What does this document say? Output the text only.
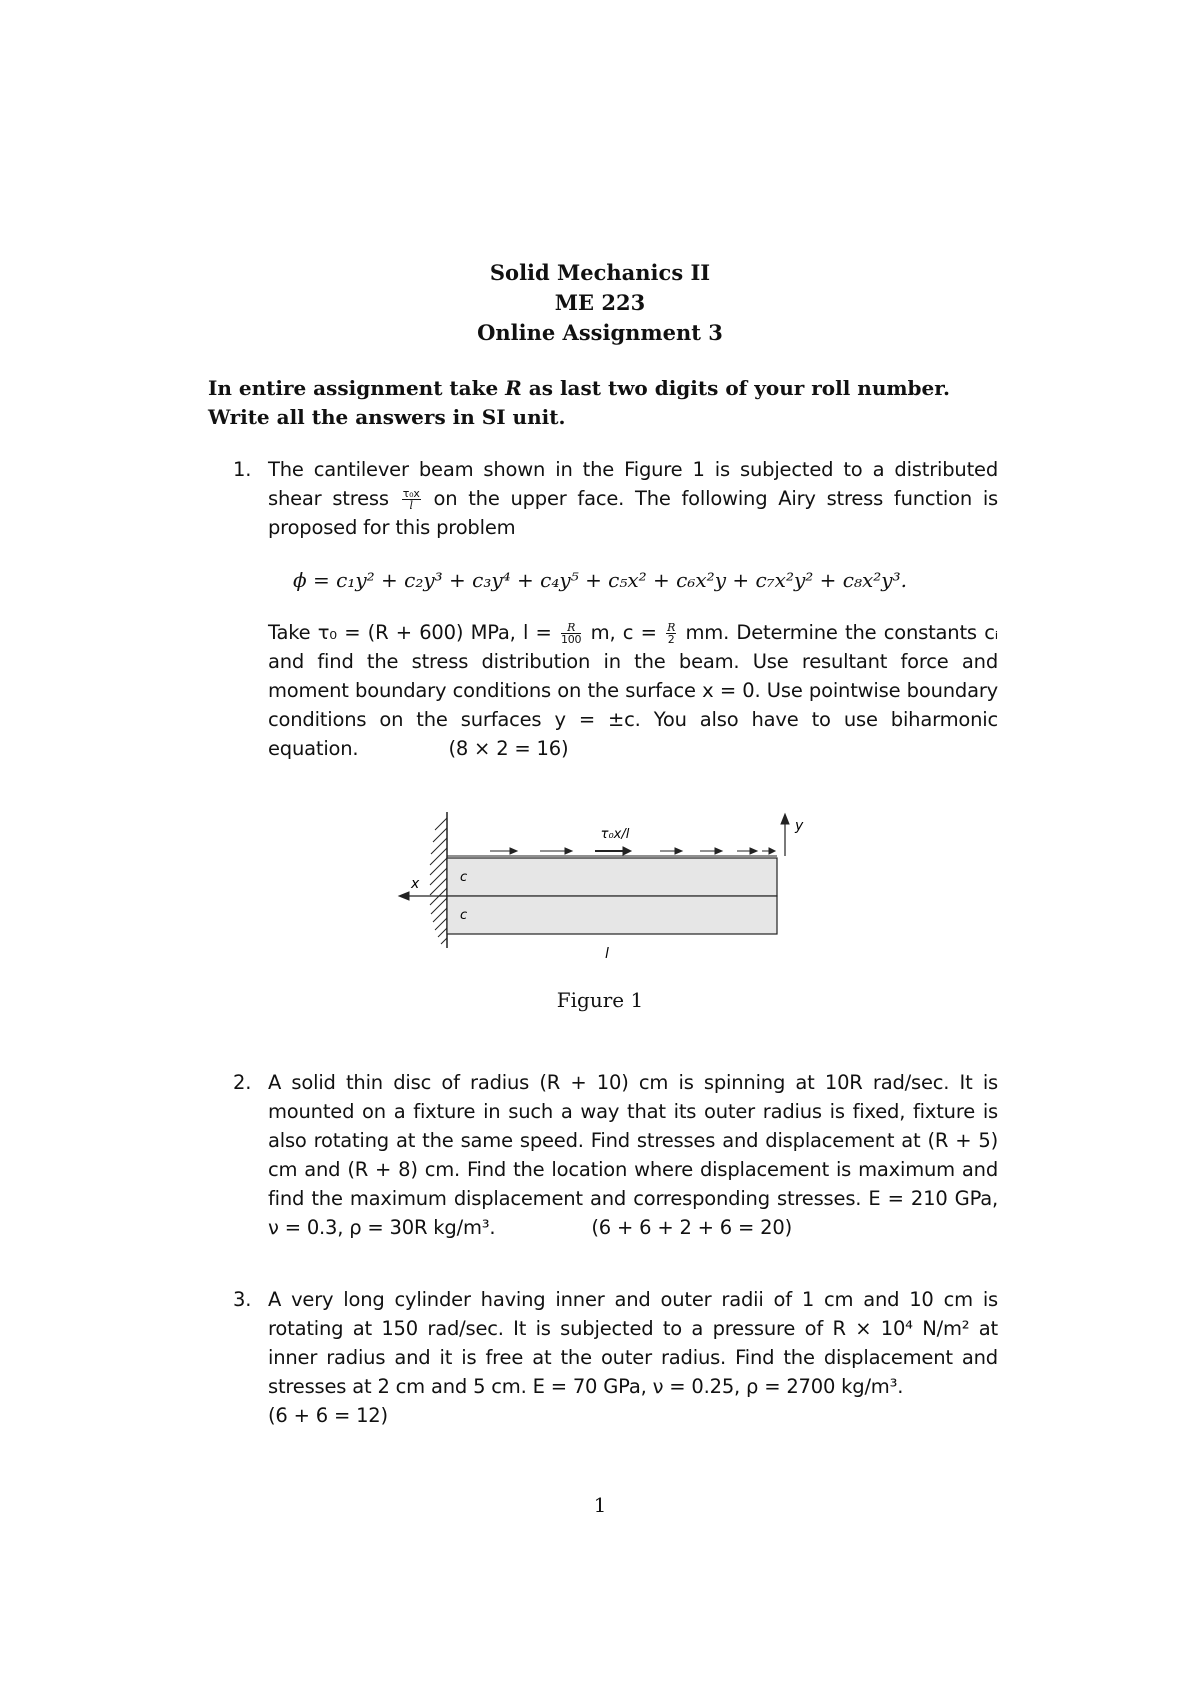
Solid Mechanics II
ME 223
Online Assignment 3
In entire assignment take R as last two digits of your roll number.
Write all the answers in SI unit.
1. The cantilever beam shown in the Figure 1 is subjected to a distributed shear stress $\frac{\text{τ₀x}}{l}$ on the upper face. The following Airy stress function is proposed for this problem
ϕ = c₁y² + c₂y³ + c₃y⁴ + c₄y⁵ + c₅x² + c₆x²y + c₇x²y² + c₈x²y³.
Take τ₀ = (R + 600) MPa, $l = \frac{R}{100} m$, $c = \frac{R}{2}$ mm. Determine the constants cᵢ and find the stress distribution in the beam. Use resultant force and moment boundary conditions on the surface x = 0. Use pointwise boundary conditions on the surfaces y = ±c. You also have to use biharmonic equation.	(8 × 2 = 16)
τ₀x/l
y
x	c
c
l
Figure 1
2. A solid thin disc of radius (R + 10) cm is spinning at 10R rad/sec. It is mounted on a fixture in such a way that its outer radius is fixed, fixture is also rotating at the same speed. Find stresses and displacement at (R + 5) cm and (R + 8) cm. Find the location where displacement is maximum and find the maximum displacement and corresponding stresses. E = 210 GPa, ν = 0.3, ρ = 30R kg/m³.	(6 + 6 + 2 + 6 = 20)
3. A very long cylinder having inner and outer radii of 1 cm and 10 cm is rotating at 150 rad/sec. It is subjected to a pressure of R × 10⁴ N/m² at inner radius and it is free at the outer radius. Find the displacement and stresses at 2 cm and 5 cm. E = 70 GPa, ν = 0.25, ρ = 2700 kg/m³.
(6 + 6 = 12)
1
